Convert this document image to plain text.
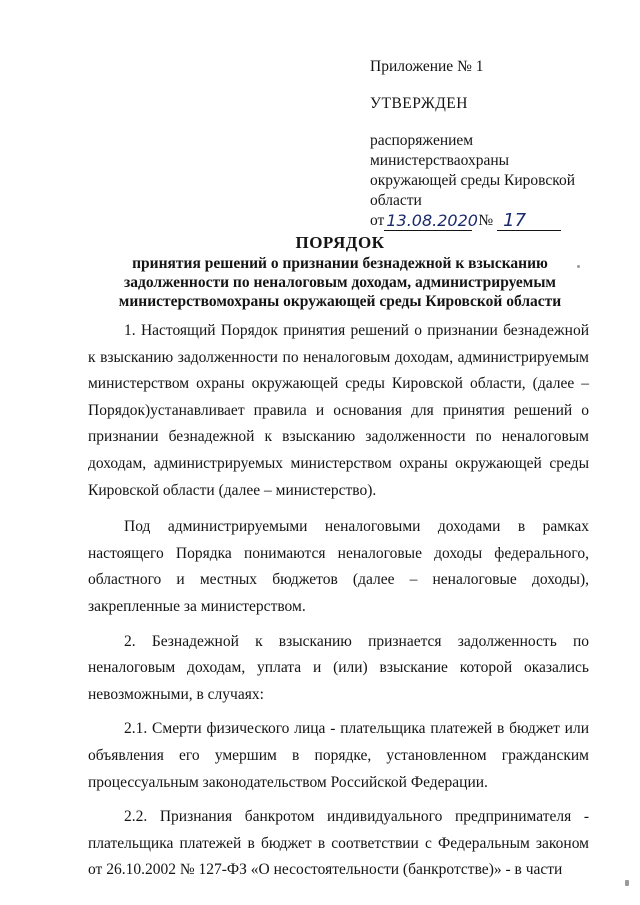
Приложение № 1
УТВЕРЖДЕН
распоряжением
министерстваохраны
окружающей среды Кировской
области
от 13.08.2020 № 17
ПОРЯДОК
принятия решений о признании безнадежной к взысканию
задолженности по неналоговым доходам, администрируемым
министерствомохраны окружающей среды Кировской области

1. Настоящий Порядок принятия решений о признании безнадежной к взысканию задолженности по неналоговым доходам, администрируемым министерством охраны окружающей среды Кировской области, (далее – Порядок)устанавливает правила и основания для принятия решений о признании безнадежной к взысканию задолженности по неналоговым доходам, администрируемых министерством охраны окружающей среды Кировской области (далее – министерство).

Под администрируемыми неналоговыми доходами в рамках настоящего Порядка понимаются неналоговые доходы федерального, областного и местных бюджетов (далее – неналоговые доходы), закрепленные за министерством.

2. Безнадежной к взысканию признается задолженность по неналоговым доходам, уплата и (или) взыскание которой оказались невозможными, в случаях:

2.1. Смерти физического лица - плательщика платежей в бюджет или объявления его умершим в порядке, установленном гражданским процессуальным законодательством Российской Федерации.

2.2. Признания банкротом индивидуального предпринимателя - плательщика платежей в бюджет в соответствии с Федеральным законом от 26.10.2002 № 127-ФЗ «О несостоятельности (банкротстве)» - в части
